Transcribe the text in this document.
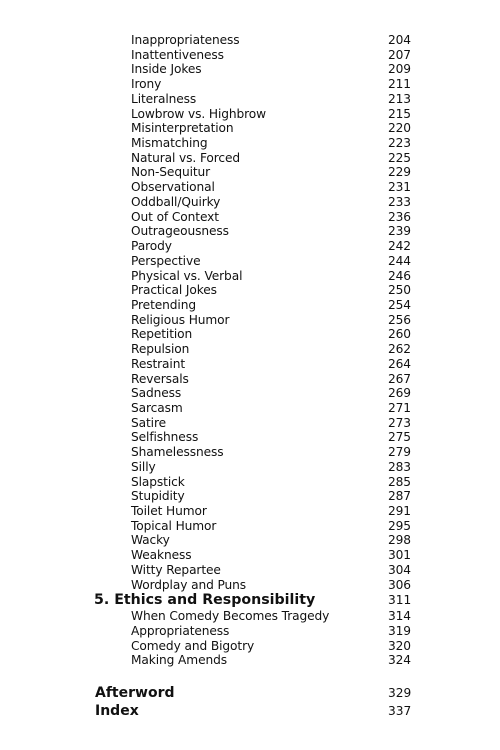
Inappropriateness	204
Inattentiveness	207
Inside Jokes	209
Irony	211
Literalness	213
Lowbrow vs. Highbrow	215
Misinterpretation	220
Mismatching	223
Natural vs. Forced	225
Non-Sequitur	229
Observational	231
Oddball/Quirky	233
Out of Context	236
Outrageousness	239
Parody	242
Perspective	244
Physical vs. Verbal	246
Practical Jokes	250
Pretending	254
Religious Humor	256
Repetition	260
Repulsion	262
Restraint	264
Reversals	267
Sadness	269
Sarcasm	271
Satire	273
Selfishness	275
Shamelessness	279
Silly	283
Slapstick	285
Stupidity	287
Toilet Humor	291
Topical Humor	295
Wacky	298
Weakness	301
Witty Repartee	304
Wordplay and Puns	306
5. Ethics and Responsibility	311
When Comedy Becomes Tragedy	314
Appropriateness	319
Comedy and Bigotry	320
Making Amends	324
Afterword	329
Index	337
